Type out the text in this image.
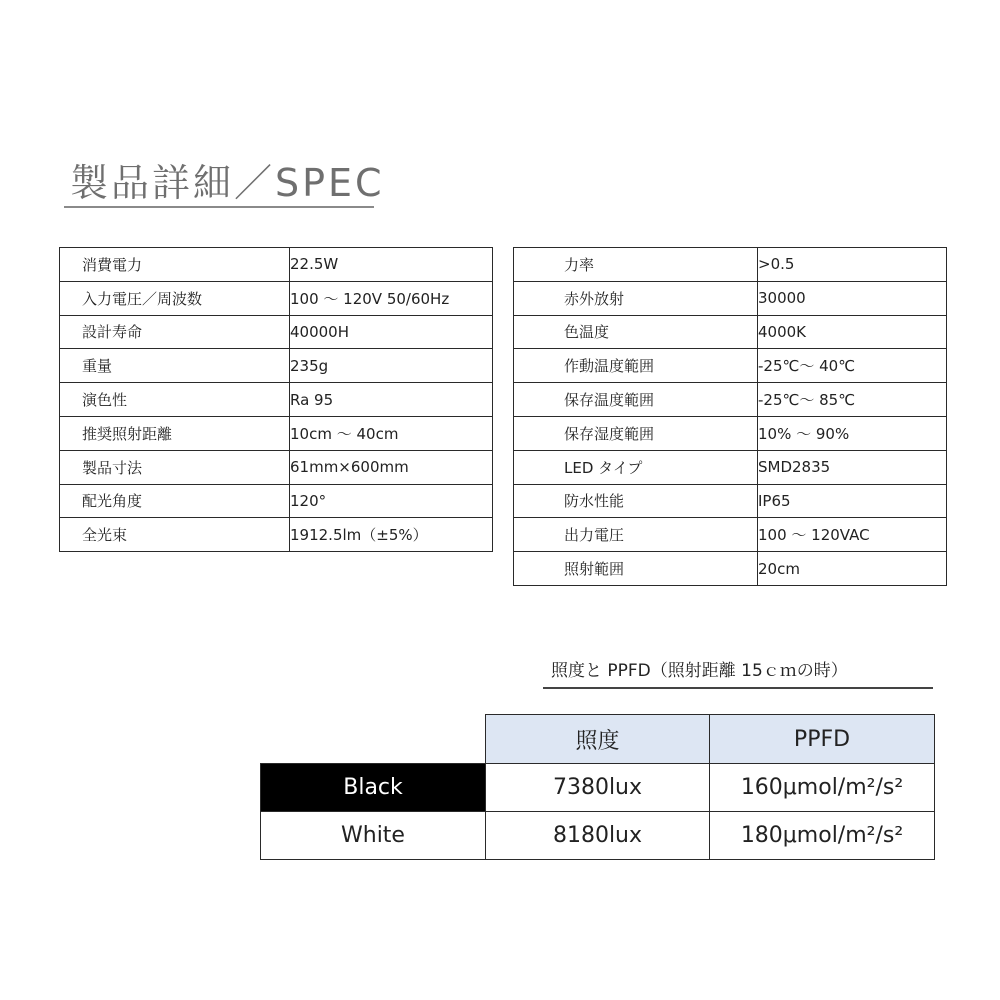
製品詳細／SPEC
消費電力	22.5W
入力電圧／周波数	100 ～ 120V 50/60Hz
設計寿命	40000H
重量	235g
演色性	Ra 95
推奨照射距離	10cm ～ 40cm
製品寸法	61mm×600mm
配光角度	120°
全光束	1912.5lm（±5%）
力率	>0.5
赤外放射	30000
色温度	4000K
作動温度範囲	-25℃～ 40℃
保存温度範囲	-25℃～ 85℃
保存湿度範囲	10% ～ 90%
LED タイプ	SMD2835
防水性能	IP65
出力電圧	100 ～ 120VAC
照射範囲	20cm
照度と PPFD（照射距離 15ｃｍの時）
	照度	PPFD
Black	7380lux	160μmol/m²/s²
White	8180lux	180μmol/m²/s²
